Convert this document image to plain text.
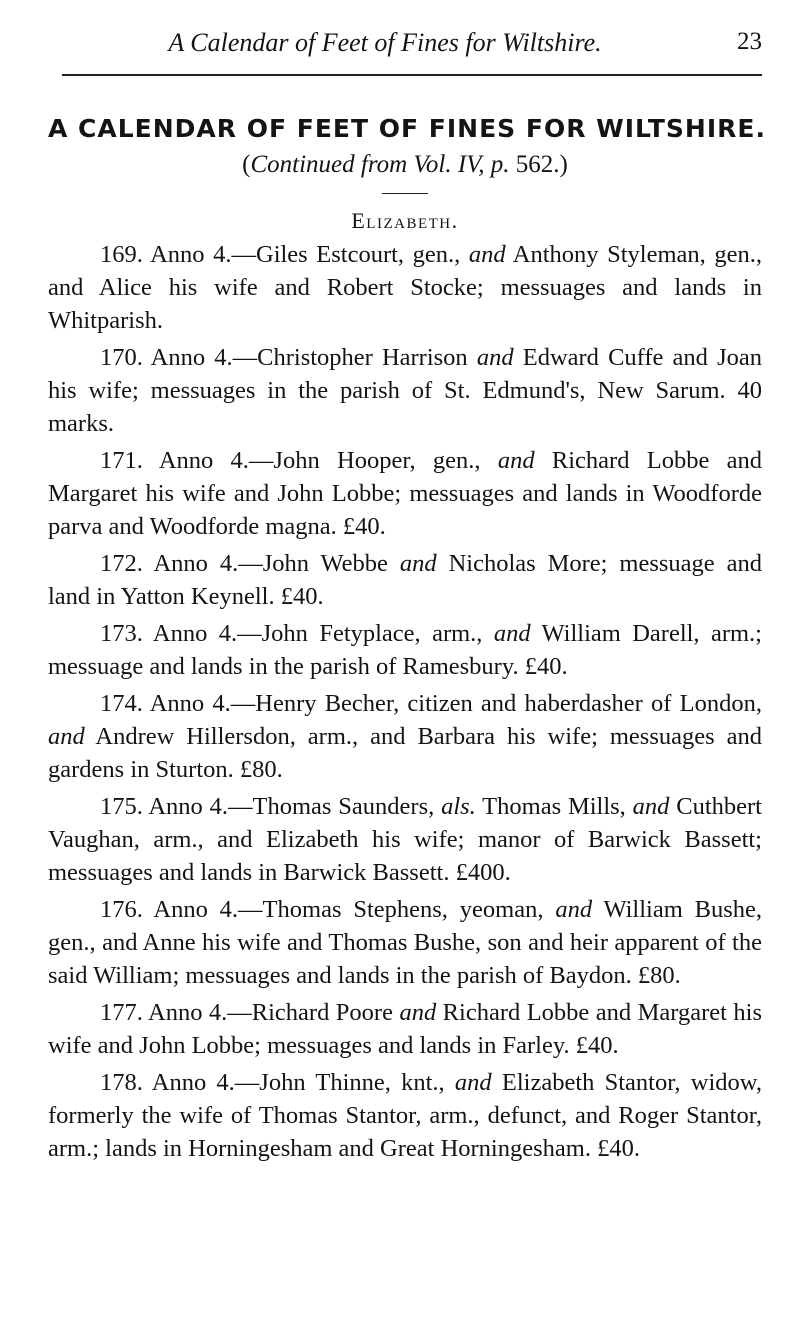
A Calendar of Feet of Fines for Wiltshire.	23
A CALENDAR OF FEET OF FINES FOR WILTSHIRE.
(Continued from Vol. IV, p. 562.)
Elizabeth.

169. Anno 4.—Giles Estcourt, gen., and Anthony Styleman, gen., and Alice his wife and Robert Stocke; messuages and lands in Whitparish.

170. Anno 4.—Christopher Harrison and Edward Cuffe and Joan his wife; messuages in the parish of St. Edmund's, New Sarum. 40 marks.

171. Anno 4.—John Hooper, gen., and Richard Lobbe and Margaret his wife and John Lobbe; messuages and lands in Woodforde parva and Woodforde magna. £40.

172. Anno 4.—John Webbe and Nicholas More; messuage and land in Yatton Keynell. £40.

173. Anno 4.—John Fetyplace, arm., and William Darell, arm.; messuage and lands in the parish of Ramesbury. £40.

174. Anno 4.—Henry Becher, citizen and haberdasher of London, and Andrew Hillersdon, arm., and Barbara his wife; messuages and gardens in Sturton. £80.

175. Anno 4.—Thomas Saunders, als. Thomas Mills, and Cuthbert Vaughan, arm., and Elizabeth his wife; manor of Barwick Bassett; messuages and lands in Barwick Bassett. £400.

176. Anno 4.—Thomas Stephens, yeoman, and William Bushe, gen., and Anne his wife and Thomas Bushe, son and heir apparent of the said William; messuages and lands in the parish of Baydon. £80.

177. Anno 4.—Richard Poore and Richard Lobbe and Margaret his wife and John Lobbe; messuages and lands in Farley. £40.

178. Anno 4.—John Thinne, knt., and Elizabeth Stantor, widow, formerly the wife of Thomas Stantor, arm., defunct, and Roger Stantor, arm.; lands in Horningesham and Great Horningesham. £40.
